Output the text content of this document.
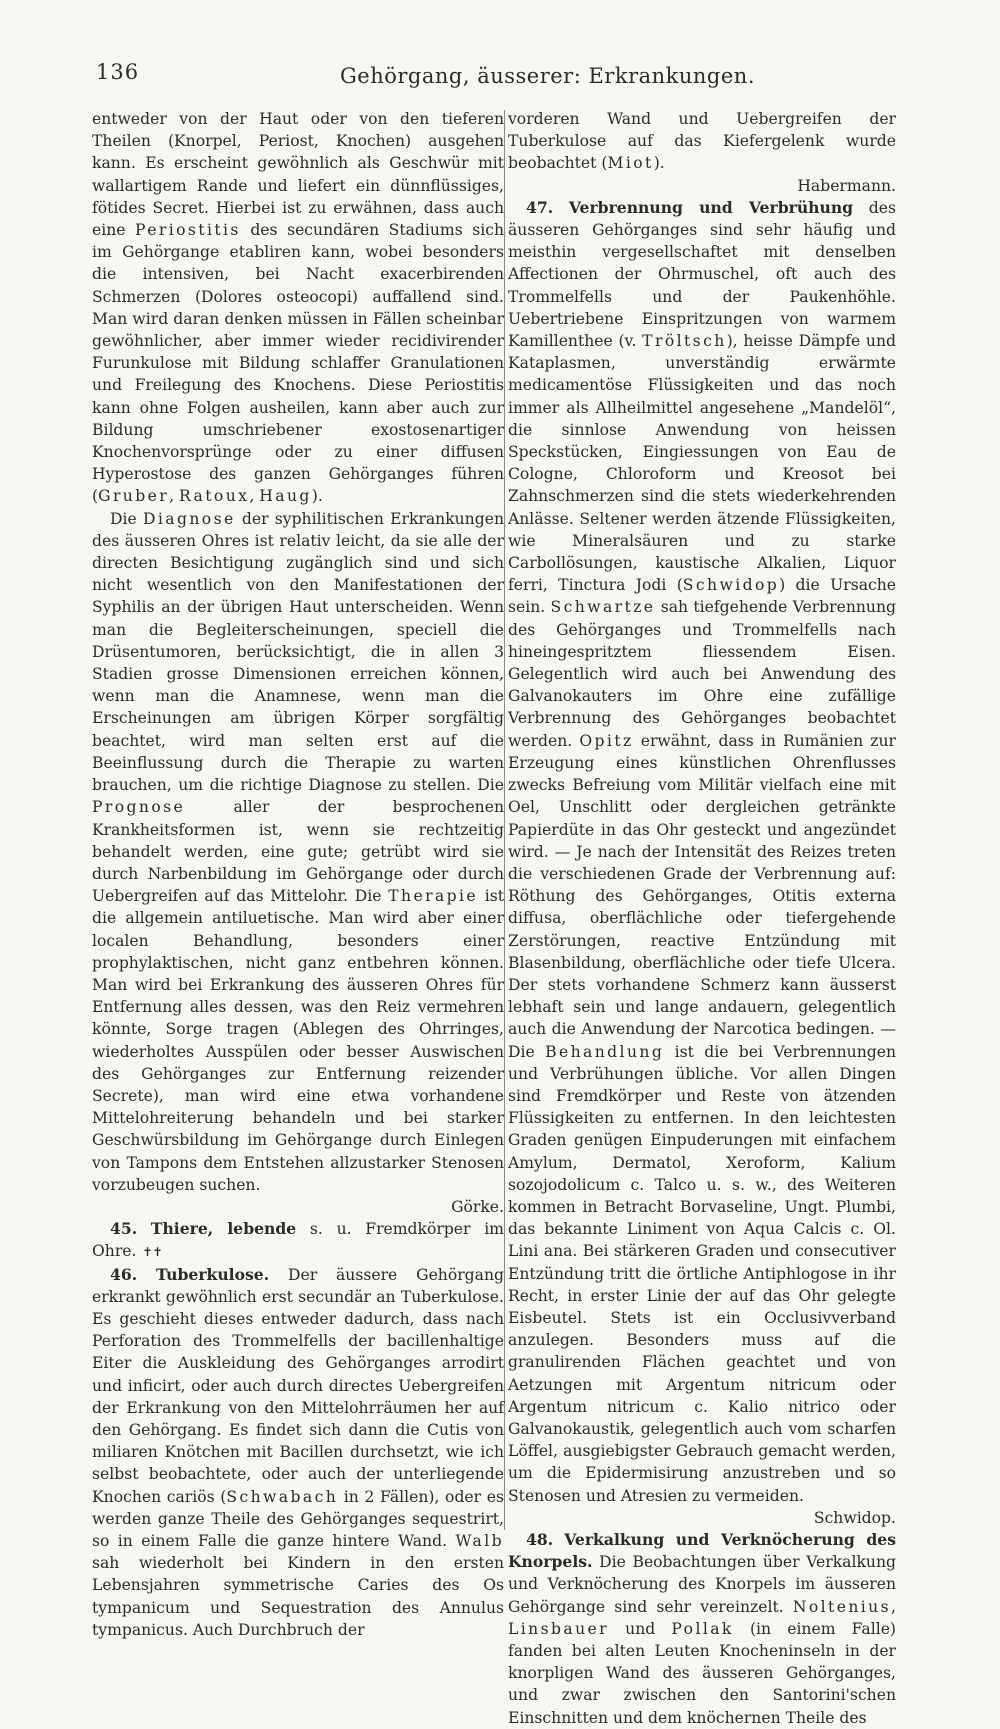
136	Gehörgang, äusserer: Erkrankungen.

entweder von der Haut oder von den tieferen Theilen (Knorpel, Periost, Knochen) ausgehen kann. Es erscheint gewöhnlich als Geschwür mit wallartigem Rande und liefert ein dünnflüssiges, fötides Secret. Hierbei ist zu erwähnen, dass auch eine Periostitis des secundären Stadiums sich im Gehörgange etabliren kann, wobei besonders die intensiven, bei Nacht exacerbirenden Schmerzen (Dolores osteocopi) auffallend sind. Man wird daran denken müssen in Fällen scheinbar gewöhnlicher, aber immer wieder recidivirender Furunkulose mit Bildung schlaffer Granulationen und Freilegung des Knochens. Diese Periostitis kann ohne Folgen ausheilen, kann aber auch zur Bildung umschriebener exostosenartiger Knochenvorsprünge oder zu einer diffusen Hyperostose des ganzen Gehörganges führen (Gruber, Ratoux, Haug).

Die Diagnose der syphilitischen Erkrankungen des äusseren Ohres ist relativ leicht, da sie alle der directen Besichtigung zugänglich sind und sich nicht wesentlich von den Manifestationen der Syphilis an der übrigen Haut unterscheiden. Wenn man die Begleiterscheinungen, speciell die Drüsentumoren, berücksichtigt, die in allen 3 Stadien grosse Dimensionen erreichen können, wenn man die Anamnese, wenn man die Erscheinungen am übrigen Körper sorgfältig beachtet, wird man selten erst auf die Beeinflussung durch die Therapie zu warten brauchen, um die richtige Diagnose zu stellen. Die Prognose aller der besprochenen Krankheitsformen ist, wenn sie rechtzeitig behandelt werden, eine gute; getrübt wird sie durch Narbenbildung im Gehörgange oder durch Uebergreifen auf das Mittelohr. Die Therapie ist die allgemein antiluetische. Man wird aber einer localen Behandlung, besonders einer prophylaktischen, nicht ganz entbehren können. Man wird bei Erkrankung des äusseren Ohres für Entfernung alles dessen, was den Reiz vermehren könnte, Sorge tragen (Ablegen des Ohrringes, wiederholtes Ausspülen oder besser Auswischen des Gehörganges zur Entfernung reizender Secrete), man wird eine etwa vorhandene Mittelohreiterung behandeln und bei starker Geschwürsbildung im Gehörgange durch Einlegen von Tampons dem Entstehen allzustarker Stenosen vorzubeugen suchen.
Görke.

45. Thiere, lebende s. u. Fremdkörper im Ohre. ✝✝

46. Tuberkulose. Der äussere Gehörgang erkrankt gewöhnlich erst secundär an Tuberkulose. Es geschieht dieses entweder dadurch, dass nach Perforation des Trommelfells der bacillenhaltige Eiter die Auskleidung des Gehörganges arrodirt und inficirt, oder auch durch directes Uebergreifen der Erkrankung von den Mittelohrräumen her auf den Gehörgang. Es findet sich dann die Cutis von miliaren Knötchen mit Bacillen durchsetzt, wie ich selbst beobachtete, oder auch der unterliegende Knochen cariös (Schwabach in 2 Fällen), oder es werden ganze Theile des Gehörganges sequestrirt, so in einem Falle die ganze hintere Wand. Walb sah wiederholt bei Kindern in den ersten Lebensjahren symmetrische Caries des Os tympanicum und Sequestration des Annulus tympanicus. Auch Durchbruch der

vorderen Wand und Uebergreifen der Tuberkulose auf das Kiefergelenk wurde beobachtet (Miot).
Habermann.

47. Verbrennung und Verbrühung des äusseren Gehörganges sind sehr häufig und meisthin vergesellschaftet mit denselben Affectionen der Ohrmuschel, oft auch des Trommelfells und der Paukenhöhle. Uebertriebene Einspritzungen von warmem Kamillenthee (v. Tröltsch), heisse Dämpfe und Kataplasmen, unverständig erwärmte medicamentöse Flüssigkeiten und das noch immer als Allheilmittel angesehene „Mandelöl“, die sinnlose Anwendung von heissen Speckstücken, Eingiessungen von Eau de Cologne, Chloroform und Kreosot bei Zahnschmerzen sind die stets wiederkehrenden Anlässe. Seltener werden ätzende Flüssigkeiten, wie Mineralsäuren und zu starke Carbollösungen, kaustische Alkalien, Liquor ferri, Tinctura Jodi (Schwidop) die Ursache sein. Schwartze sah tiefgehende Verbrennung des Gehörganges und Trommelfells nach hineingespritztem fliessendem Eisen. Gelegentlich wird auch bei Anwendung des Galvanokauters im Ohre eine zufällige Verbrennung des Gehörganges beobachtet werden. Opitz erwähnt, dass in Rumänien zur Erzeugung eines künstlichen Ohrenflusses zwecks Befreiung vom Militär vielfach eine mit Oel, Unschlitt oder dergleichen getränkte Papierdüte in das Ohr gesteckt und angezündet wird. — Je nach der Intensität des Reizes treten die verschiedenen Grade der Verbrennung auf: Röthung des Gehörganges, Otitis externa diffusa, oberflächliche oder tiefergehende Zerstörungen, reactive Entzündung mit Blasenbildung, oberflächliche oder tiefe Ulcera. Der stets vorhandene Schmerz kann äusserst lebhaft sein und lange andauern, gelegentlich auch die Anwendung der Narcotica bedingen. — Die Behandlung ist die bei Verbrennungen und Verbrühungen übliche. Vor allen Dingen sind Fremdkörper und Reste von ätzenden Flüssigkeiten zu entfernen. In den leichtesten Graden genügen Einpuderungen mit einfachem Amylum, Dermatol, Xeroform, Kalium sozojodolicum c. Talco u. s. w., des Weiteren kommen in Betracht Borvaseline, Ungt. Plumbi, das bekannte Liniment von Aqua Calcis c. Ol. Lini ana. Bei stärkeren Graden und consecutiver Entzündung tritt die örtliche Antiphlogose in ihr Recht, in erster Linie der auf das Ohr gelegte Eisbeutel. Stets ist ein Occlusivverband anzulegen. Besonders muss auf die granulirenden Flächen geachtet und von Aetzungen mit Argentum nitricum oder Argentum nitricum c. Kalio nitrico oder Galvanokaustik, gelegentlich auch vom scharfen Löffel, ausgiebigster Gebrauch gemacht werden, um die Epidermisirung anzustreben und so Stenosen und Atresien zu vermeiden.
Schwidop.

48. Verkalkung und Verknöcherung des Knorpels. Die Beobachtungen über Verkalkung und Verknöcherung des Knorpels im äusseren Gehörgange sind sehr vereinzelt. Noltenius, Linsbauer und Pollak (in einem Falle) fanden bei alten Leuten Knocheninseln in der knorpligen Wand des äusseren Gehörganges, und zwar zwischen den Santorini'schen Einschnitten und dem knöchernen Theile des
